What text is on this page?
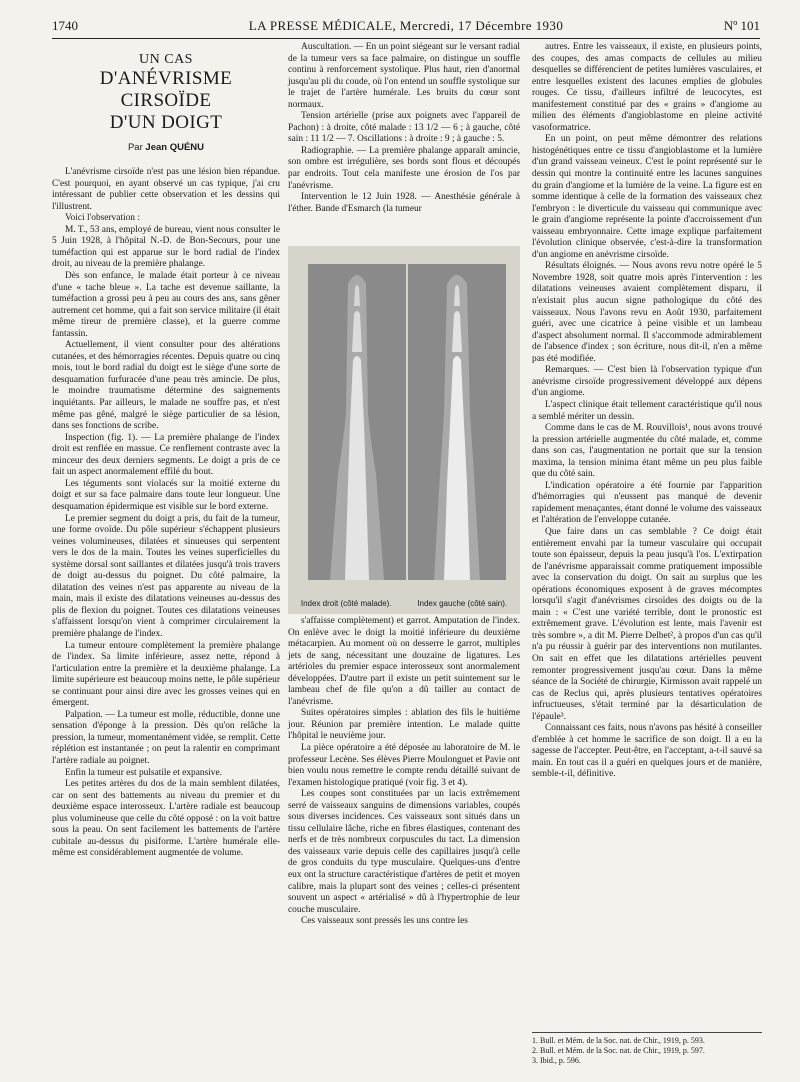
1740	LA PRESSE MÉDICALE, Mercredi, 17 Décembre 1930	Nº 101
UN CAS
D'ANÉVRISME CIRSOÏDE
D'UN DOIGT
Par Jean QUÉNU

L'anévrisme cirsoïde n'est pas une lésion bien répandue. C'est pourquoi, en ayant observé un cas typique, j'ai cru intéressant de publier cette observation et les dessins qui l'illustrent.

Voici l'observation :

M. T., 53 ans, employé de bureau, vient nous consulter le 5 Juin 1928, à l'hôpital N.-D. de Bon-Secours, pour une tuméfaction qui est apparue sur le bord radial de l'index droit, au niveau de la première phalange.

Dès son enfance, le malade était porteur à ce niveau d'une « tache bleue ». La tache est devenue saillante, la tuméfaction a grossi peu à peu au cours des ans, sans gêner autrement cet homme, qui a fait son service militaire (il était même tireur de première classe), et la guerre comme fantassin.

Actuellement, il vient consulter pour des altérations cutanées, et des hémorragies récentes. Depuis quatre ou cinq mois, tout le bord radial du doigt est le siège d'une sorte de desquamation furfuracée d'une peau très amincie. De plus, le moindre traumatisme détermine des saignements inquiétants. Par ailleurs, le malade ne souffre pas, et n'est même pas gêné, malgré le siège particulier de sa lésion, dans ses fonctions de scribe.

Inspection (fig. 1). — La première phalange de l'index droit est renflée en massue. Ce renflement contraste avec la minceur des deux derniers segments. Le doigt a pris de ce fait un aspect anormalement effilé du bout.

Les téguments sont violacés sur la moitié externe du doigt et sur sa face palmaire dans toute leur longueur. Une desquamation épidermique est visible sur le bord externe.

Le premier segment du doigt a pris, du fait de la tumeur, une forme ovoïde. Du pôle supérieur s'échappent plusieurs veines volumineuses, dilatées et sinueuses qui serpentent vers le dos de la main. Toutes les veines superficielles du système dorsal sont saillantes et dilatées jusqu'à trois travers de doigt au-dessus du poignet. Du côté palmaire, la dilatation des veines n'est pas apparente au niveau de la main, mais il existe des dilatations veineuses au-dessus des plis de flexion du poignet. Toutes ces dilatations veineuses s'affaissent lorsqu'on vient à comprimer circulairement la première phalange de l'index.

La tumeur entoure complètement la première phalange de l'index. Sa limite inférieure, assez nette, répond à l'articulation entre la première et la deuxième phalange. La limite supérieure est beaucoup moins nette, le pôle supérieur se continuant pour ainsi dire avec les grosses veines qui en émergent.

Palpation. — La tumeur est molle, réductible, donne une sensation d'éponge à la pression. Dès qu'on relâche la pression, la tumeur, momentanément vidée, se remplit. Cette réplétion est instantanée ; on peut la ralentir en comprimant l'artère radiale au poignet.

Enfin la tumeur est pulsatile et expansive.

Les petites artères du dos de la main semblent dilatées, car on sent des battements au niveau du premier et du deuxième espace interosseux. L'artère radiale est beaucoup plus volumineuse que celle du côté opposé : on la voit battre sous la peau. On sent facilement les battements de l'artère cubitale au-dessus du pisiforme. L'artère humérale elle-même est considérablement augmentée de volume.

Auscultation. — En un point siégeant sur le versant radial de la tumeur vers sa face palmaire, on distingue un souffle continu à renforcement systolique. Plus haut, rien d'anormal jusqu'au pli du coude, où l'on entend un souffle systolique sur le trajet de l'artère humérale. Les bruits du cœur sont normaux.

Tension artérielle (prise aux poignets avec l'appareil de Pachon) : à droite, côté malade : 13 1/2 — 6 ; à gauche, côté sain : 11 1/2 — 7. Oscillations : à droite : 9 ; à gauche : 5.

Radiographie. — La première phalange apparaît amincie, son ombre est irrégulière, ses bords sont flous et découpés par endroits. Tout cela manifeste une érosion de l'os par l'anévrisme.

Intervention le 12 Juin 1928. — Anesthésie générale à l'éther. Bande d'Esmarch (la tumeur

Index droit (côté malade).	Index gauche (côté sain).

s'affaisse complètement) et garrot. Amputation de l'index. On enlève avec le doigt la moitié inférieure du deuxième métacarpien. Au moment où on desserre le garrot, multiples jets de sang, nécessitant une douzaine de ligatures. Les artérioles du premier espace interosseux sont anormalement développées. D'autre part il existe un petit suintement sur le lambeau chef de file qu'on a dû tailler au contact de l'anévrisme.

Suites opératoires simples : ablation des fils le huitième jour. Réunion par première intention. Le malade quitte l'hôpital le neuvième jour.

La pièce opératoire a été déposée au laboratoire de M. le professeur Lecène. Ses élèves Pierre Moulonguet et Pavie ont bien voulu nous remettre le compte rendu détaillé suivant de l'examen histologique pratiqué (voir fig. 3 et 4).

Les coupes sont constituées par un lacis extrêmement serré de vaisseaux sanguins de dimensions variables, coupés sous diverses incidences. Ces vaisseaux sont situés dans un tissu cellulaire lâche, riche en fibres élastiques, contenant des nerfs et de très nombreux corpuscules du tact. La dimension des vaisseaux varie depuis celle des capillaires jusqu'à celle de gros conduits du type musculaire. Quelques-uns d'entre eux ont la structure caractéristique d'artères de petit et moyen calibre, mais la plupart sont des veines ; celles-ci présentent souvent un aspect « artérialisé » dû à l'hypertrophie de leur couche musculaire.

Ces vaisseaux sont pressés les uns contre les

autres. Entre les vaisseaux, il existe, en plusieurs points, des coupes, des amas compacts de cellules au milieu desquelles se différencient de petites lumières vasculaires, et entre lesquelles existent des lacunes emplies de globules rouges. Ce tissu, d'ailleurs infiltré de leucocytes, est manifestement constitué par des « grains » d'angiome au milieu des éléments d'angioblastome en pleine activité vasoformatrice.

En un point, on peut même démontrer des relations histogénétiques entre ce tissu d'angioblastome et la lumière d'un grand vaisseau veineux. C'est le point représenté sur le dessin qui montre la continuité entre les lacunes sanguines du grain d'angiome et la lumière de la veine. La figure est en somme identique à celle de la formation des vaisseaux chez l'embryon : le diverticule du vaisseau qui communique avec le grain d'angiome représente la pointe d'accroissement d'un vaisseau embryonnaire. Cette image explique parfaitement l'évolution clinique observée, c'est-à-dire la transformation d'un angiome en anévrisme cirsoïde.

Résultats éloignés. — Nous avons revu notre opéré le 5 Novembre 1928, soit quatre mois après l'intervention : les dilatations veineuses avaient complètement disparu, il n'existait plus aucun signe pathologique du côté des vaisseaux. Nous l'avons revu en Août 1930, parfaitement guéri, avec une cicatrice à peine visible et un lambeau d'aspect absolument normal. Il s'accommode admirablement de l'absence d'index ; son écriture, nous dit-il, n'en a même pas été modifiée.

Remarques. — C'est bien là l'observation typique d'un anévrisme cirsoïde progressivement développé aux dépens d'un angiome.

L'aspect clinique était tellement caractéristique qu'il nous a semblé mériter un dessin.

Comme dans le cas de M. Rouvillois¹, nous avons trouvé la pression artérielle augmentée du côté malade, et, comme dans son cas, l'augmentation ne portait que sur la tension maxima, la tension minima étant même un peu plus faible que du côté sain.

L'indication opératoire a été fournie par l'apparition d'hémorragies qui n'eussent pas manqué de devenir rapidement menaçantes, étant donné le volume des vaisseaux et l'altération de l'enveloppe cutanée.

Que faire dans un cas semblable ? Ce doigt était entièrement envahi par la tumeur vasculaire qui occupait toute son épaisseur, depuis la peau jusqu'à l'os. L'extirpation de l'anévrisme apparaissait comme pratiquement impossible avec la conservation du doigt. On sait au surplus que les opérations économiques exposent à de graves mécomptes lorsqu'il s'agit d'anévrismes cirsoïdes des doigts ou de la main : « C'est une variété terrible, dont le pronostic est extrêmement grave. L'évolution est lente, mais l'avenir est très sombre », a dit M. Pierre Delbet², à propos d'un cas qu'il n'a pu réussir à guérir par des interventions non mutilantes. On sait en effet que les dilatations artérielles peuvent remonter progressivement jusqu'au cœur. Dans la même séance de la Société de chirurgie, Kirmisson avait rappelé un cas de Reclus qui, après plusieurs tentatives opératoires infructueuses, s'était terminé par la désarticulation de l'épaule³.

Connaissant ces faits, nous n'avons pas hésité à conseiller d'emblée à cet homme le sacrifice de son doigt. Il a eu la sagesse de l'accepter. Peut-être, en l'acceptant, a-t-il sauvé sa main. En tout cas il a guéri en quelques jours et de manière, semble-t-il, définitive.

1. Bull. et Mém. de la Soc. nat. de Chir., 1919, p. 593.
2. Bull. et Mém. de la Soc. nat. de Chir., 1919, p. 597.
3. Ibid., p. 596.
